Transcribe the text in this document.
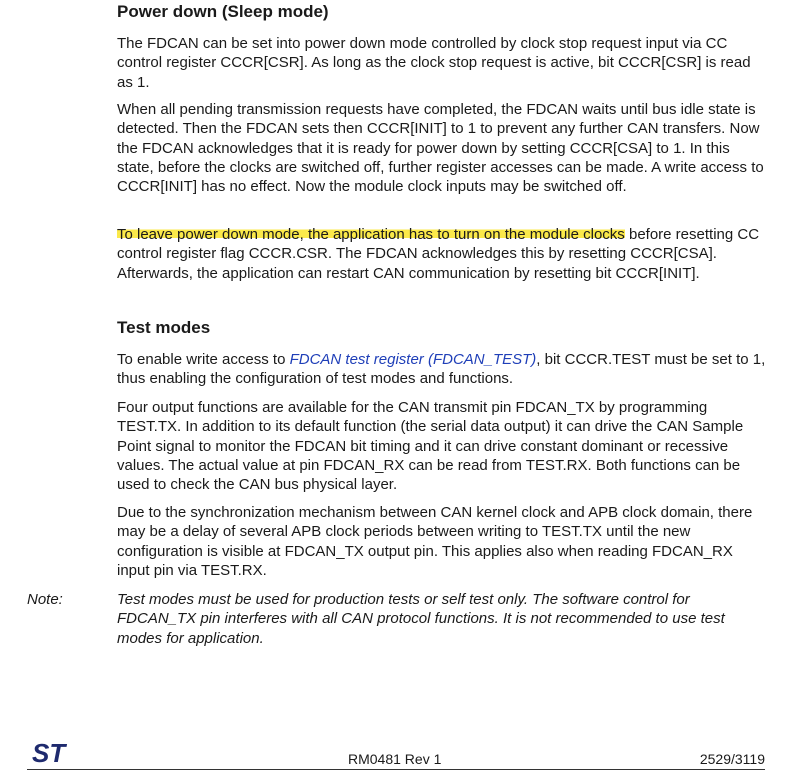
Power down (Sleep mode)

The FDCAN can be set into power down mode controlled by clock stop request input via CC control register CCCR[CSR]. As long as the clock stop request is active, bit CCCR[CSR] is read as 1.

When all pending transmission requests have completed, the FDCAN waits until bus idle state is detected. Then the FDCAN sets then CCCR[INIT] to 1 to prevent any further CAN transfers. Now the FDCAN acknowledges that it is ready for power down by setting CCCR[CSA] to 1. In this state, before the clocks are switched off, further register accesses can be made. A write access to CCCR[INIT] has no effect. Now the module clock inputs may be switched off.

To leave power down mode, the application has to turn on the module clocks before resetting CC control register flag CCCR.CSR. The FDCAN acknowledges this by resetting CCCR[CSA]. Afterwards, the application can restart CAN communication by resetting bit CCCR[INIT].

Test modes

To enable write access to FDCAN test register (FDCAN_TEST), bit CCCR.TEST must be set to 1, thus enabling the configuration of test modes and functions.

Four output functions are available for the CAN transmit pin FDCAN_TX by programming TEST.TX. In addition to its default function (the serial data output) it can drive the CAN Sample Point signal to monitor the FDCAN bit timing and it can drive constant dominant or recessive values. The actual value at pin FDCAN_RX can be read from TEST.RX. Both functions can be used to check the CAN bus physical layer.

Due to the synchronization mechanism between CAN kernel clock and APB clock domain, there may be a delay of several APB clock periods between writing to TEST.TX until the new configuration is visible at FDCAN_TX output pin. This applies also when reading FDCAN_RX input pin via TEST.RX.

Note:	Test modes must be used for production tests or self test only. The software control for FDCAN_TX pin interferes with all CAN protocol functions. It is not recommended to use test modes for application.
ST	RM0481 Rev 1	2529/3119
